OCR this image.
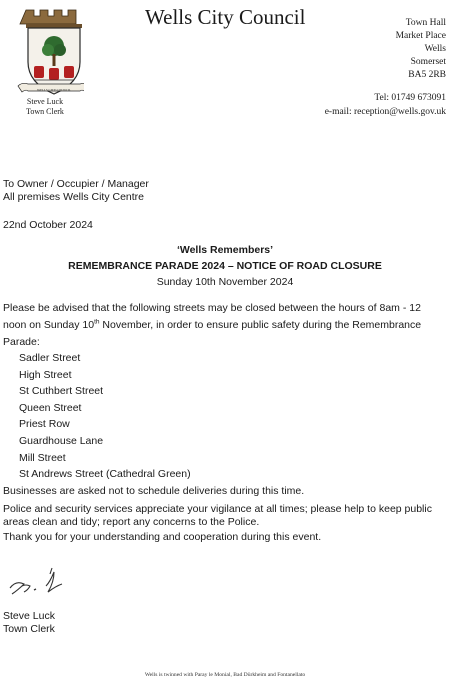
WELLS CITY COUNCIL
Wells City Council
Steve Luck
Town Clerk
Town Hall
Market Place
Wells
Somerset
BA5 2RB
Tel: 01749 673091
e-mail: reception@wells.gov.uk
To Owner / Occupier / Manager
All premises Wells City Centre
22nd October 2024
‘Wells Remembers’
REMEMBRANCE PARADE 2024 – NOTICE OF ROAD CLOSURE
Sunday 10th November 2024
Please be advised that the following streets may be closed between the hours of 8am - 12 noon on Sunday 10th November, in order to ensure public safety during the Remembrance Parade:
Sadler Street
High Street
St Cuthbert Street
Queen Street
Priest Row
Guardhouse Lane
Mill Street
St Andrews Street (Cathedral Green)
Businesses are asked not to schedule deliveries during this time.
Police and security services appreciate your vigilance at all times; please help to keep public areas clean and tidy; report any concerns to the Police.
Thank you for your understanding and cooperation during this event.
Steve Luck
Town Clerk
Wells is twinned with Paray le Monial, Bad Dürkheim and Fontanellato
